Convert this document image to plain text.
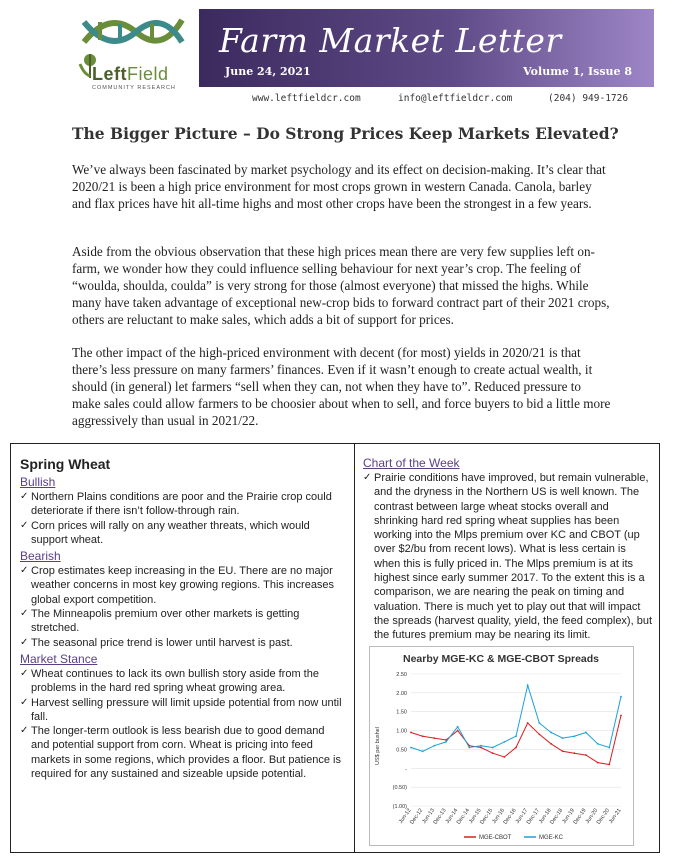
LeftField
COMMUNITY RESEARCH
Farm Market Letter
June 24, 2021	Volume 1, Issue 8
www.leftfieldcr.com	info@leftfieldcr.com	(204) 949-1726
The Bigger Picture – Do Strong Prices Keep Markets Elevated?

We’ve always been fascinated by market psychology and its effect on decision-making. It’s clear that 2020/21 is been a high price environment for most crops grown in western Canada. Canola, barley and flax prices have hit all-time highs and most other crops have been the strongest in a few years.

Aside from the obvious observation that these high prices mean there are very few supplies left on-farm, we wonder how they could influence selling behaviour for next year’s crop. The feeling of “woulda, shoulda, coulda” is very strong for those (almost everyone) that missed the highs. While many have taken advantage of exceptional new-crop bids to forward contract part of their 2021 crops, others are reluctant to make sales, which adds a bit of support for prices.

The other impact of the high-priced environment with decent (for most) yields in 2020/21 is that there’s less pressure on many farmers’ finances. Even if it wasn’t enough to create actual wealth, it should (in general) let farmers “sell when they can, not when they have to”. Reduced pressure to make sales could allow farmers to be choosier about when to sell, and force buyers to bid a little more aggressively than usual in 2021/22.

Spring Wheat
Bullish
✓ Northern Plains conditions are poor and the Prairie crop could deteriorate if there isn’t follow-through rain.
✓ Corn prices will rally on any weather threats, which would support wheat.
Bearish
✓ Crop estimates keep increasing in the EU. There are no major weather concerns in most key growing regions. This increases global export competition.
✓ The Minneapolis premium over other markets is getting stretched.
✓ The seasonal price trend is lower until harvest is past.
Market Stance
✓ Wheat continues to lack its own bullish story aside from the problems in the hard red spring wheat growing area.
✓ Harvest selling pressure will limit upside potential from now until fall.
✓ The longer-term outlook is less bearish due to good demand and potential support from corn. Wheat is pricing into feed markets in some regions, which provides a floor. But patience is required for any sustained and sizeable upside potential.
Chart of the Week
✓ Prairie conditions have improved, but remain vulnerable, and the dryness in the Northern US is well known. The contrast between large wheat stocks overall and shrinking hard red spring wheat supplies has been working into the Mlps premium over KC and CBOT (up over $2/bu from recent lows). What is less certain is when this is fully priced in. The Mlps premium is at its highest since early summer 2017. To the extent this is a comparison, we are nearing the peak on timing and valuation. There is much yet to play out that will impact the spreads (harvest quality, yield, the feed complex), but the futures premium may be nearing its limit.
Nearby MGE-KC & MGE-CBOT Spreads
US$ per bushel
2.50
2.00
1.50
1.00
0.50
-
(0.50)
(1.00)
Jun-12
Dec-12
Jun-13
Dec-13
Jun-14
Dec-14
Jun-15
Dec-15
Jun-16
Dec-16
Jun-17
Dec-17
Jun-18
Dec-18
Jun-19
Dec-19
Jun-20
Dec-20
Jun-21
MGE-CBOT	MGE-KC
